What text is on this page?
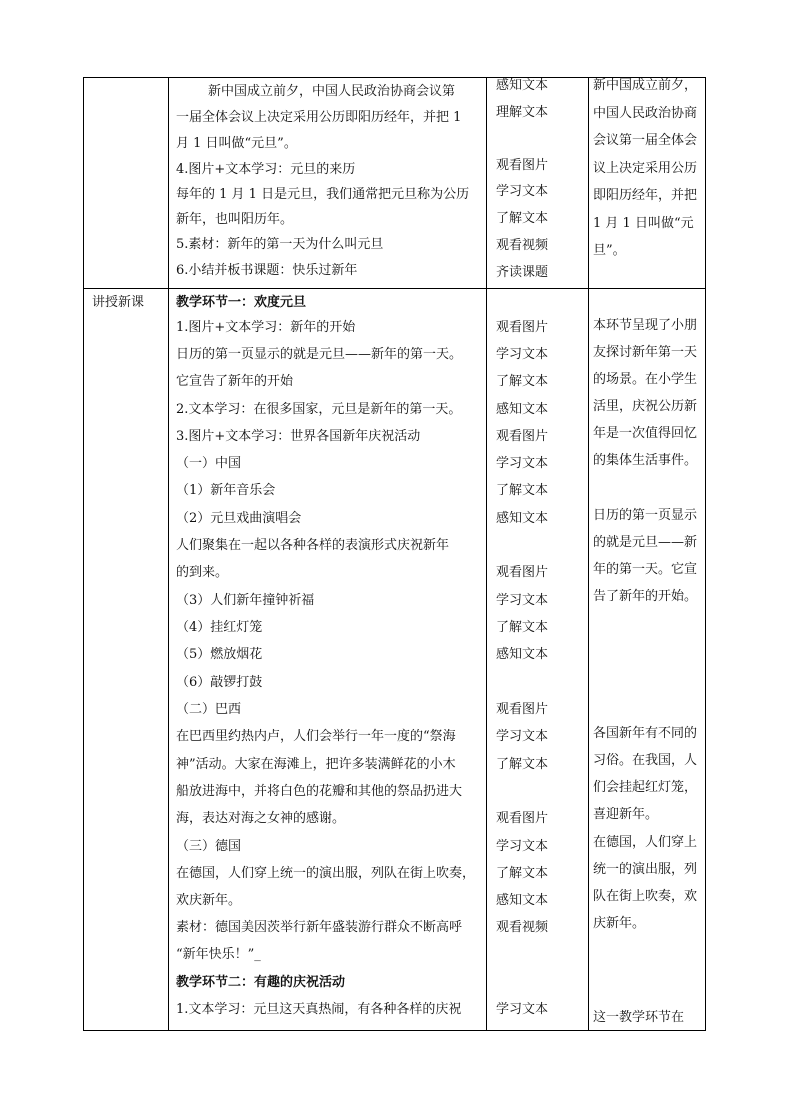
新中国成立前夕，中国人民政治协商会议第
一届全体会议上决定采用公历即阳历经年，并把 1
月 1 日叫做“元旦”。
4.图片+文本学习：元旦的来历
每年的 1 月 1 日是元旦，我们通常把元旦称为公历
新年，也叫阳历年。
5.素材：新年的第一天为什么叫元旦
6.小结并板书课题：快乐过新年
感知文本
理解文本
观看图片
学习文本
了解文本
观看视频
齐读课题
新中国成立前夕，中国人民政治协商会议第一届全体会议上决定采用公历即阳历经年，并把 1 月 1 日叫做“元旦”。
讲授新课 教学环节一：欢度元旦
1.图片+文本学习：新年的开始
日历的第一页显示的就是元旦——新年的第一天。
它宣告了新年的开始
2.文本学习：在很多国家，元旦是新年的第一天。
3.图片+文本学习：世界各国新年庆祝活动
（一）中国
（1）新年音乐会
（2）元旦戏曲演唱会
人们聚集在一起以各种各样的表演形式庆祝新年
的到来。
（3）人们新年撞钟祈福
（4）挂红灯笼
（5）燃放烟花
（6）敲锣打鼓
（二）巴西
在巴西里约热内卢，人们会举行一年一度的“祭海
神”活动。大家在海滩上，把许多装满鲜花的小木
船放进海中，并将白色的花瓣和其他的祭品扔进大
海，表达对海之女神的感谢。
（三）德国
在德国，人们穿上统一的演出服，列队在街上吹奏，
欢庆新年。
素材：德国美因茨举行新年盛装游行群众不断高呼
“新年快乐！”_
教学环节二：有趣的庆祝活动
1.文本学习：元旦这天真热闹，有各种各样的庆祝
观看图片
学习文本
了解文本
感知文本
观看图片
学习文本
了解文本
感知文本
观看图片
学习文本
了解文本
感知文本
观看图片
学习文本
了解文本
观看图片
学习文本
了解文本
感知文本
观看视频
学习文本
本环节呈现了小朋友探讨新年第一天的场景。在小学生活里，庆祝公历新年是一次值得回忆的集体生活事件。
日历的第一页显示的就是元旦——新年的第一天。它宣告了新年的开始。
各国新年有不同的习俗。在我国，人们会挂起红灯笼，喜迎新年。
在德国，人们穿上统一的演出服，列队在街上吹奏，欢庆新年。
这一教学环节在
